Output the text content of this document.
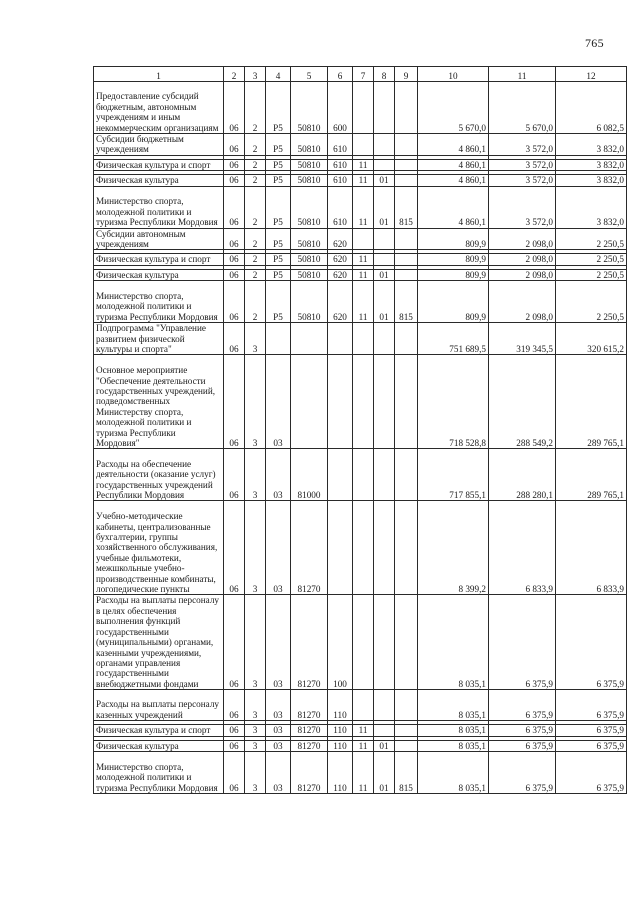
765
1	2	3	4	5	6	7	8	9	10	11	12
Предоставление субсидий бюджетным, автономным учреждениям и иным некоммерческим организациям	06	2	Р5	50810	600				5 670,0	5 670,0	6 082,5
Субсидии бюджетным учреждениям	06	2	Р5	50810	610				4 860,1	3 572,0	3 832,0

Физическая культура и спорт	06	2	Р5	50810	610	11			4 860,1	3 572,0	3 832,0

Физическая культура	06	2	Р5	50810	610	11	01		4 860,1	3 572,0	3 832,0
Министерство спорта, молодежной политики и туризма Республики Мордовия	06	2	Р5	50810	610	11	01	815	4 860,1	3 572,0	3 832,0
Субсидии автономным учреждениям	06	2	Р5	50810	620				809,9	2 098,0	2 250,5

Физическая культура и спорт	06	2	Р5	50810	620	11			809,9	2 098,0	2 250,5

Физическая культура	06	2	Р5	50810	620	11	01		809,9	2 098,0	2 250,5
Министерство спорта, молодежной политики и туризма Республики Мордовия	06	2	Р5	50810	620	11	01	815	809,9	2 098,0	2 250,5
Подпрограмма "Управление развитием физической культуры и спорта"	06	3							751 689,5	319 345,5	320 615,2
Основное мероприятие "Обеспечение деятельности государственных учреждений, подведомственных Министерству спорта, молодежной политики и туризма Республики Мордовия"	06	3	03						718 528,8	288 549,2	289 765,1
Расходы на обеспечение деятельности (оказание услуг) государственных учреждений Республики Мордовия	06	3	03	81000					717 855,1	288 280,1	289 765,1
Учебно-методические кабинеты, централизованные бухгалтерии, группы хозяйственного обслуживания, учебные фильмотеки, межшкольные учебно-производственные комбинаты, логопедические пункты	06	3	03	81270					8 399,2	6 833,9	6 833,9
Расходы на выплаты персоналу в целях обеспечения выполнения функций государственными (муниципальными) органами, казенными учреждениями, органами управления государственными внебюджетными фондами	06	3	03	81270	100				8 035,1	6 375,9	6 375,9
Расходы на выплаты персоналу казенных учреждений	06	3	03	81270	110				8 035,1	6 375,9	6 375,9

Физическая культура и спорт	06	3	03	81270	110	11			8 035,1	6 375,9	6 375,9

Физическая культура	06	3	03	81270	110	11	01		8 035,1	6 375,9	6 375,9
Министерство спорта, молодежной политики и туризма Республики Мордовия	06	3	03	81270	110	11	01	815	8 035,1	6 375,9	6 375,9
